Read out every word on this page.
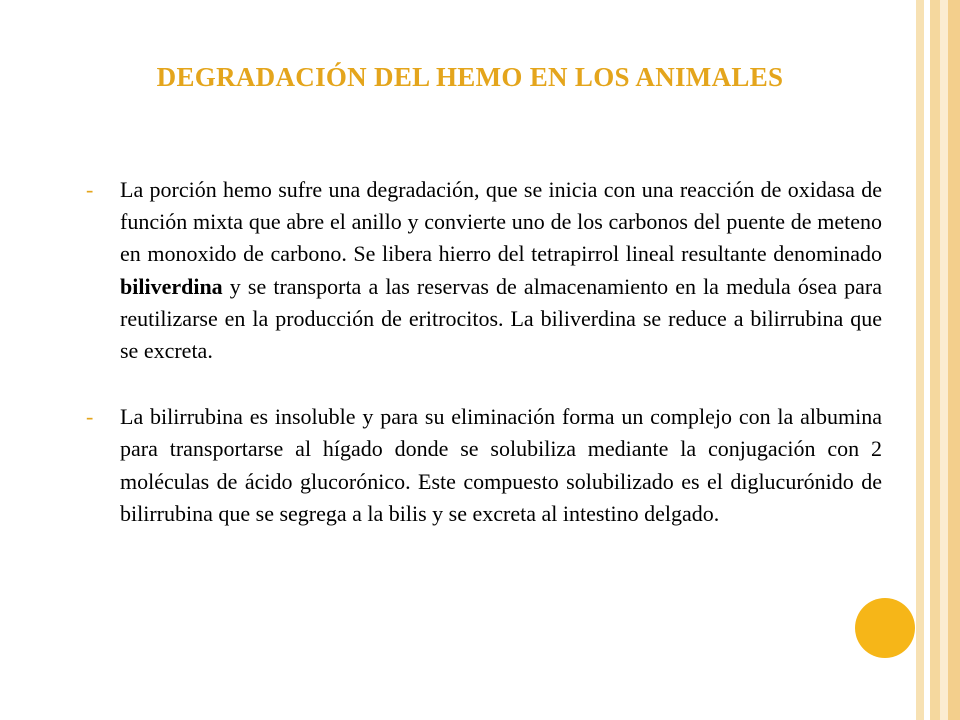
DEGRADACIÓN DEL HEMO EN LOS ANIMALES
-	La porción hemo sufre una degradación, que se inicia con una reacción de oxidasa de función mixta que abre el anillo y convierte uno de los carbonos del puente de meteno en monoxido de carbono. Se libera hierro del tetrapirrol lineal resultante denominado biliverdina y se transporta a las reservas de almacenamiento en la medula ósea para reutilizarse en la producción de eritrocitos. La biliverdina se reduce a bilirrubina que se excreta.

-	La bilirrubina es insoluble y para su eliminación forma un complejo con la albumina para transportarse al hígado donde se solubiliza mediante la conjugación con 2 moléculas de ácido glucorónico. Este compuesto solubilizado es el diglucurónido de bilirrubina que se segrega a la bilis y se excreta al intestino delgado.
